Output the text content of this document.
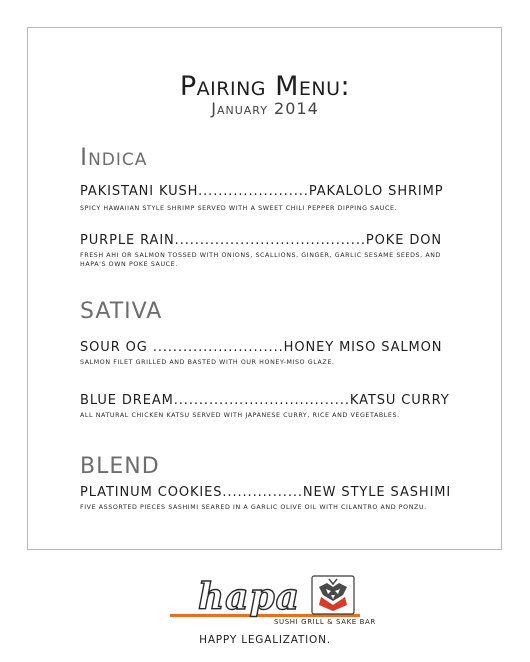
Pairing Menu:
January 2014
Indica
PAKISTANI KUSH......................PAKALOLO SHRIMP
SPICY HAWAIIAN STYLE SHRIMP SERVED WITH A SWEET CHILI PEPPER DIPPING SAUCE.
PURPLE RAIN......................................POKE DON
FRESH AHI OR SALMON TOSSED WITH ONIONS, SCALLIONS, GINGER, GARLIC SESAME SEEDS, AND HAPA'S OWN POKE SAUCE.
SATIVA
SOUR OG ..........................HONEY MISO SALMON
SALMON FILET GRILLED AND BASTED WITH OUR HONEY-MISO GLAZE.
BLUE DREAM...................................KATSU CURRY
ALL NATURAL CHICKEN KATSU SERVED WITH JAPANESE CURRY, RICE AND VEGETABLES.
BLEND
PLATINUM COOKIES................NEW STYLE SASHIMI
FIVE ASSORTED PIECES SASHIMI SEARED IN A GARLIC OLIVE OIL WITH CILANTRO AND PONZU.
hapa
SUSHI GRILL & SAKE BAR
HAPPY LEGALIZATION.
